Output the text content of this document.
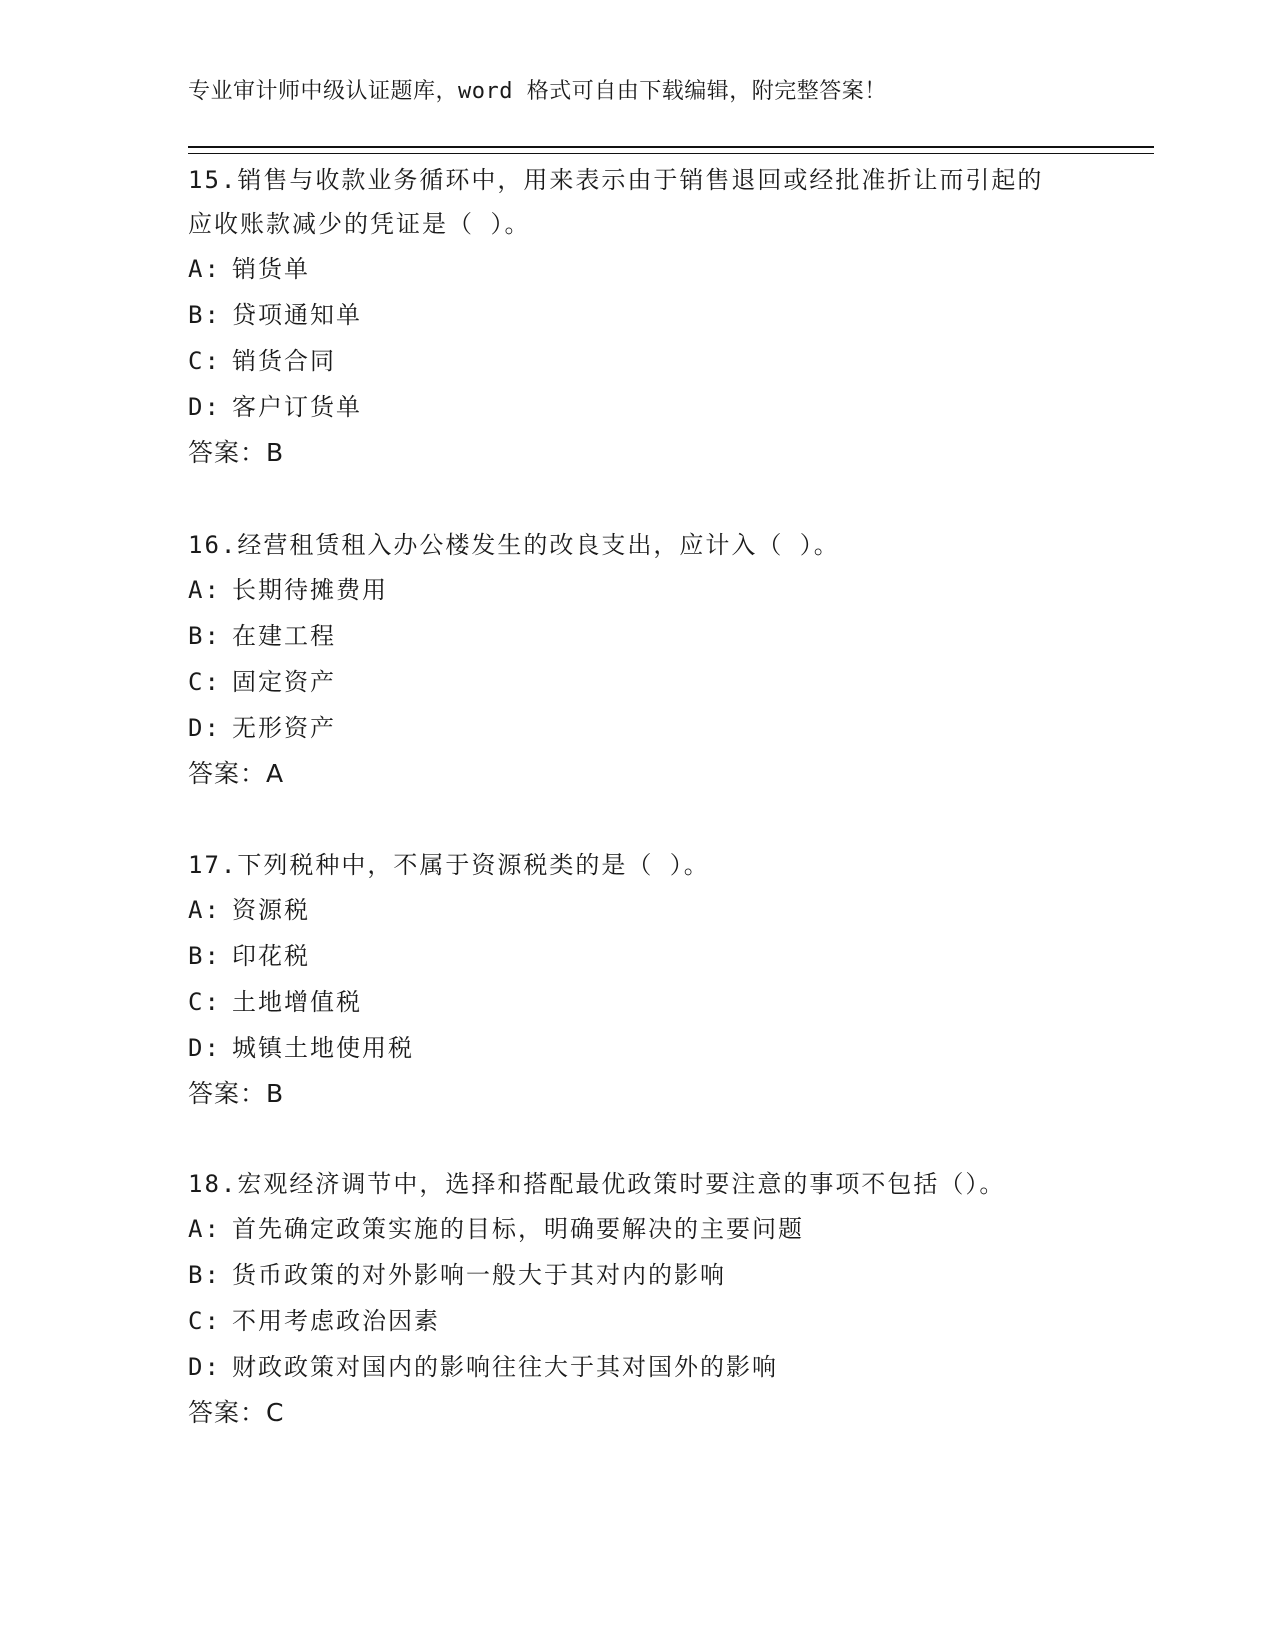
专业审计师中级认证题库，word 格式可自由下载编辑，附完整答案！
15.销售与收款业务循环中，用来表示由于销售退回或经批准折让而引起的应收账款减少的凭证是（ ）。
A: 销货单
B: 贷项通知单
C: 销货合同
D: 客户订货单
答案：B
16.经营租赁租入办公楼发生的改良支出，应计入（ ）。
A: 长期待摊费用
B: 在建工程
C: 固定资产
D: 无形资产
答案：A
17.下列税种中，不属于资源税类的是（ ）。
A: 资源税
B: 印花税
C: 土地增值税
D: 城镇土地使用税
答案：B
18.宏观经济调节中，选择和搭配最优政策时要注意的事项不包括（）。
A: 首先确定政策实施的目标，明确要解决的主要问题
B: 货币政策的对外影响一般大于其对内的影响
C: 不用考虑政治因素
D: 财政政策对国内的影响往往大于其对国外的影响
答案：C
